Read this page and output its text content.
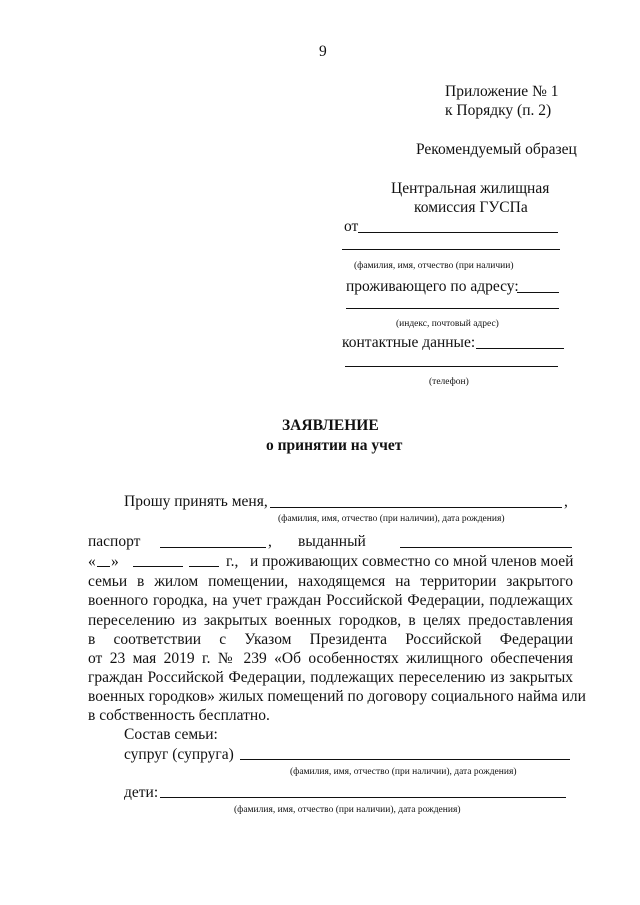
9
Приложение № 1
к Порядку (п. 2)
Рекомендуемый образец
Центральная жилищная
комиссия ГУСПа
от
(фамилия, имя, отчество (при наличии)
проживающего по адресу:
(индекс, почтовый адрес)
контактные данные:
(телефон)
ЗАЯВЛЕНИЕ
о принятии на учет
Прошу принять меня,	,
(фамилия, имя, отчество (при наличии), дата рождения)
паспорт	, выданный
« »	г., и проживающих совместно со мной членов моей
семьи в жилом помещении, находящемся на территории закрытого
военного городка, на учет граждан Российской Федерации, подлежащих
переселению из закрытых военных городков, в целях предоставления
в соответствии с Указом Президента Российской Федерации
от 23 мая 2019 г. № 239 «Об особенностях жилищного обеспечения
граждан Российской Федерации, подлежащих переселению из закрытых
военных городков» жилых помещений по договору социального найма или
в собственность бесплатно.
Состав семьи:
супруг (супруга)
(фамилия, имя, отчество (при наличии), дата рождения)
дети:
(фамилия, имя, отчество (при наличии), дата рождения)
